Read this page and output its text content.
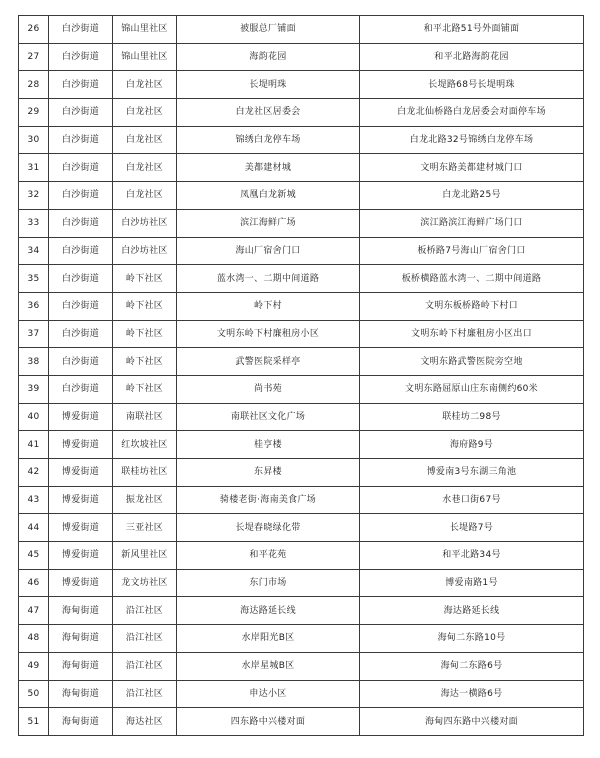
26	白沙街道	锦山里社区	被服总厂铺面	和平北路51号外面铺面
27	白沙街道	锦山里社区	海韵花园	和平北路海韵花园
28	白沙街道	白龙社区	长堤明珠	长堤路68号长堤明珠
29	白沙街道	白龙社区	白龙社区居委会	白龙北仙桥路白龙居委会对面停车场
30	白沙街道	白龙社区	锦绣白龙停车场	白龙北路32号锦绣白龙停车场
31	白沙街道	白龙社区	美都建材城	文明东路美都建材城门口
32	白沙街道	白龙社区	凤凰白龙新城	白龙北路25号
33	白沙街道	白沙坊社区	滨江海鲜广场	滨江路滨江海鲜广场门口
34	白沙街道	白沙坊社区	海山厂宿舍门口	板桥路7号海山厂宿舍门口
35	白沙街道	岭下社区	蓝水湾一、二期中间道路	板桥横路蓝水湾一、二期中间道路
36	白沙街道	岭下社区	岭下村	文明东板桥路岭下村口
37	白沙街道	岭下社区	文明东岭下村廉租房小区	文明东岭下村廉租房小区出口
38	白沙街道	岭下社区	武警医院采样亭	文明东路武警医院旁空地
39	白沙街道	岭下社区	尚书苑	文明东路屈原山庄东南侧约60米
40	博爱街道	南联社区	南联社区文化广场	联桂坊二98号
41	博爱街道	红坎坡社区	桂亨楼	海府路9号
42	博爱街道	联桂坊社区	东昇楼	博爱南3号东湖三角池
43	博爱街道	振龙社区	骑楼老街·海南美食广场	水巷口街67号
44	博爱街道	三亚社区	长堤春晓绿化带	长堤路7号
45	博爱街道	新风里社区	和平花苑	和平北路34号
46	博爱街道	龙文坊社区	东门市场	博爱南路1号
47	海甸街道	沿江社区	海达路延长线	海达路延长线
48	海甸街道	沿江社区	水岸阳光B区	海甸二东路10号
49	海甸街道	沿江社区	水岸星城B区	海甸二东路6号
50	海甸街道	沿江社区	申达小区	海达一横路6号
51	海甸街道	海达社区	四东路中兴楼对面	海甸四东路中兴楼对面
